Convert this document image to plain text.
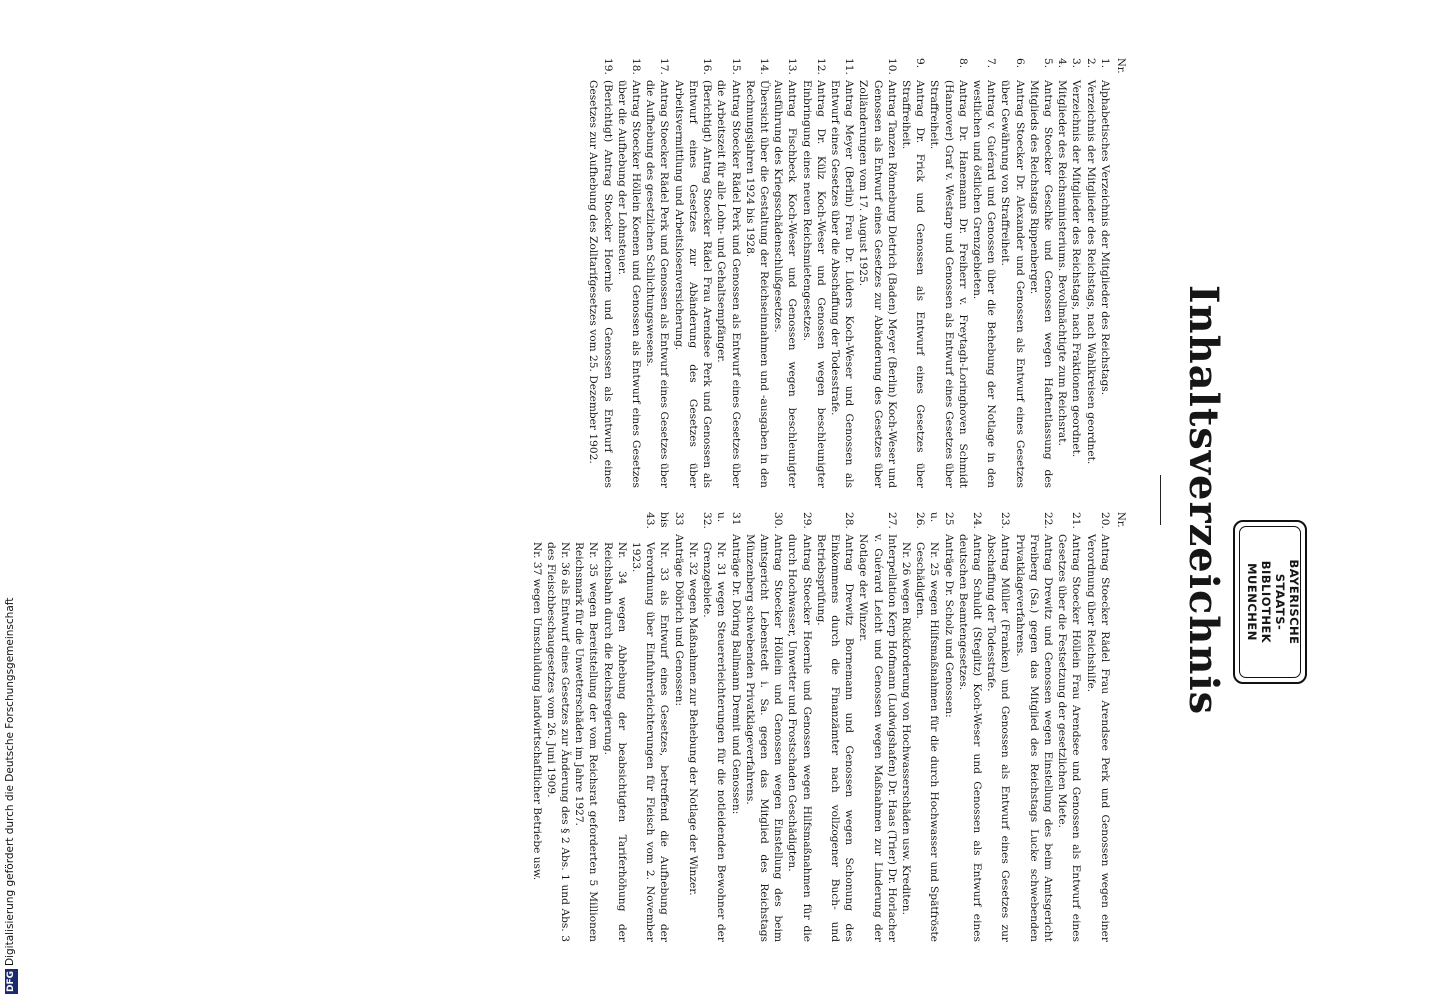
Inhaltsverzeichnis
Nr.
1.
Alphabetisches Verzeichnis der Mitglieder des Reichstags.
2.
Verzeichnis der Mitglieder des Reichstags, nach Wahlkreisen geordnet.
3.
Verzeichnis der Mitglieder des Reichstags, nach Fraktionen geordnet.
4.
Mitglieder des Reichsministeriums. Bevollmächtigte zum Reichsrat.
5.
Antrag Stoecker Geschke und Genossen wegen Haftentlassung des Mitglieds des Reichstags Rippenberger.
6.
Antrag Stoecker Dr. Alexander und Genossen als Entwurf eines Gesetzes über Gewährung von Straffreiheit.
7.
Antrag v. Guérard und Genossen über die Behebung der Notlage in den westlichen und östlichen Grenzgebieten.
8.
Antrag Dr. Hanemann Dr. Freiherr v. Freytagh-Loringhoven Schmidt (Hannover) Graf v. Westarp und Genossen als Entwurf eines Gesetzes über Straffreiheit.
9.
Antrag Dr. Frick und Genossen als Entwurf eines Gesetzes über Straffreiheit.
10.
Antrag Tanzen Rönneburg Dietrich (Baden) Meyer (Berlin) Koch-Weser und Genossen als Entwurf eines Gesetzes zur Abänderung des Gesetzes über Zolländerungen vom 17. August 1925.
11.
Antrag Meyer (Berlin) Frau Dr. Lüders Koch-Weser und Genossen als Entwurf eines Gesetzes über die Abschaffung der Todesstrafe.
12.
Antrag Dr. Külz Koch-Weser und Genossen wegen beschleunigter Einbringung eines neuen Reichsmietengesetzes.
13.
Antrag Fischbeck Koch-Weser und Genossen wegen beschleunigter Ausführung des Kriegsschädenschlußgesetzes.
14.
Übersicht über die Gestaltung der Reichseinnahmen und -ausgaben in den Rechnungsjahren 1924 bis 1928.
15.
Antrag Stoecker Rädel Perk und Genossen als Entwurf eines Gesetzes über die Arbeitszeit für alle Lohn- und Gehaltsempfänger.
16.
(Berichtigt) Antrag Stoecker Rädel Frau Arendsee Perk und Genossen als Entwurf eines Gesetzes zur Abänderung des Gesetzes über Arbeitsvermittlung und Arbeitslosenversicherung.
17.
Antrag Stoecker Rädel Perk und Genossen als Entwurf eines Gesetzes über die Aufhebung des gesetzlichen Schlichtungswesens.
18.
Antrag Stoecker Höllein Koenen und Genossen als Entwurf eines Gesetzes über die Aufhebung der Lohnsteuer.
19.
(Berichtigt) Antrag Stoecker Hoernle und Genossen als Entwurf eines Gesetzes zur Aufhebung des Zolltarifgesetzes vom 25. Dezember 1902.
Nr.
20.
Antrag Stoecker Rädel Frau Arendsee Perk und Genossen wegen einer Verordnung über Reichshilfe.
21.
Antrag Stoecker Höllein Frau Arendsee und Genossen als Entwurf eines Gesetzes über die Festsetzung der gesetzlichen Miete.
22.
Antrag Drewitz und Genossen wegen Einstellung des beim Amtsgericht Freiberg (Sa.) gegen das Mitglied des Reichstags Lucke schwebenden Privatklageverfahrens.
23.
Antrag Müller (Franken) und Genossen als Entwurf eines Gesetzes zur Abschaffung der Todesstrafe.
24.
Antrag Schuldt (Steglitz) Koch-Weser und Genossen als Entwurf eines deutschen Beamtengesetzes.
25 u. 26.
Anträge Dr. Scholz und Genossen:
Nr. 25 wegen Hilfsmaßnahmen für die durch Hochwasser und Spätfröste Geschädigten.
Nr. 26 wegen Rückforderung von Hochwasserschäden usw. Krediten.
27.
Interpellation Kerp Hofmann (Ludwigshafen) Dr. Haas (Trier) Dr. Horlacher v. Guérard Leicht und Genossen wegen Maßnahmen zur Linderung der Notlage der Winzer.
28.
Antrag Drewitz Bornemann und Genossen wegen Schonung des Einkommens durch die Finanzämter nach vollzogener Buch- und Betriebsprüfung.
29.
Antrag Stoecker Hoernle und Genossen wegen Hilfsmaßnahmen für die durch Hochwasser, Unwetter und Frostschaden Geschädigten.
30.
Antrag Stoecker Höllein und Genossen wegen Einstellung des beim Amtsgericht Lebenstedt i. Sa. gegen das Mitglied des Reichstags Münzenberg schwebenden Privatklageverfahrens.
31 u. 32.
Anträge Dr. Döring Ballmann Dremit und Genossen:
Nr. 31 wegen Steuererleichterungen für die notleidenden Bewohner der Grenzgebiete.
Nr. 32 wegen Maßnahmen zur Behebung der Notlage der Winzer.
33 bis 43.
Anträge Döbrich und Genossen:
Nr. 33 als Entwurf eines Gesetzes, betreffend die Aufhebung der Verordnung über Einfuhrerleichterungen für Fleisch vom 2. November 1923.
Nr. 34 wegen Abhebung der beabsichtigten Tariferhöhung der Reichsbahn durch die Reichsregierung.
Nr. 35 wegen Bereitstellung der vom Reichsrat geforderten 5 Millionen Reichsmark für die Unwetterschäden im Jahre 1927.
Nr. 36 als Entwurf eines Gesetzes zur Änderung des § 2 Abs. 1 und Abs. 3 des Fleischbeschaugesetzes vom 26. Juni 1909.
Nr. 37 wegen Umschuldung landwirtschaftlicher Betriebe usw.	BAYERISCHE
STAATS-
BIBLIOTHEK
MUENCHEN
DFGDigitalisierung gefördert durch die Deutsche Forschungsgemeinschaft
